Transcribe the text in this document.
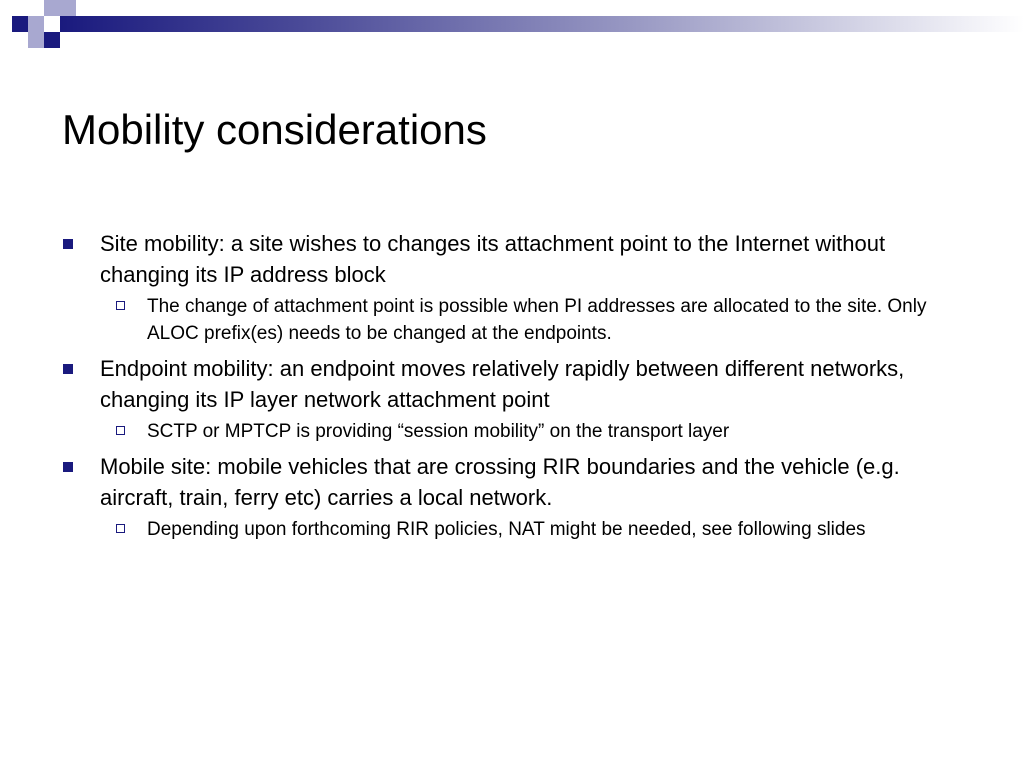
Mobility considerations
Site mobility: a site wishes to changes its attachment point to the Internet without changing its IP address block
The change of attachment point is possible when PI addresses are allocated to the site. Only ALOC prefix(es) needs to be changed at the endpoints.
Endpoint mobility: an endpoint moves relatively rapidly between different networks, changing its IP layer network attachment point
SCTP or MPTCP is providing “session mobility” on the transport layer
Mobile site: mobile vehicles that are crossing RIR boundaries and the vehicle (e.g. aircraft, train, ferry etc) carries a local network.
Depending upon forthcoming RIR policies, NAT might be needed, see following slides
